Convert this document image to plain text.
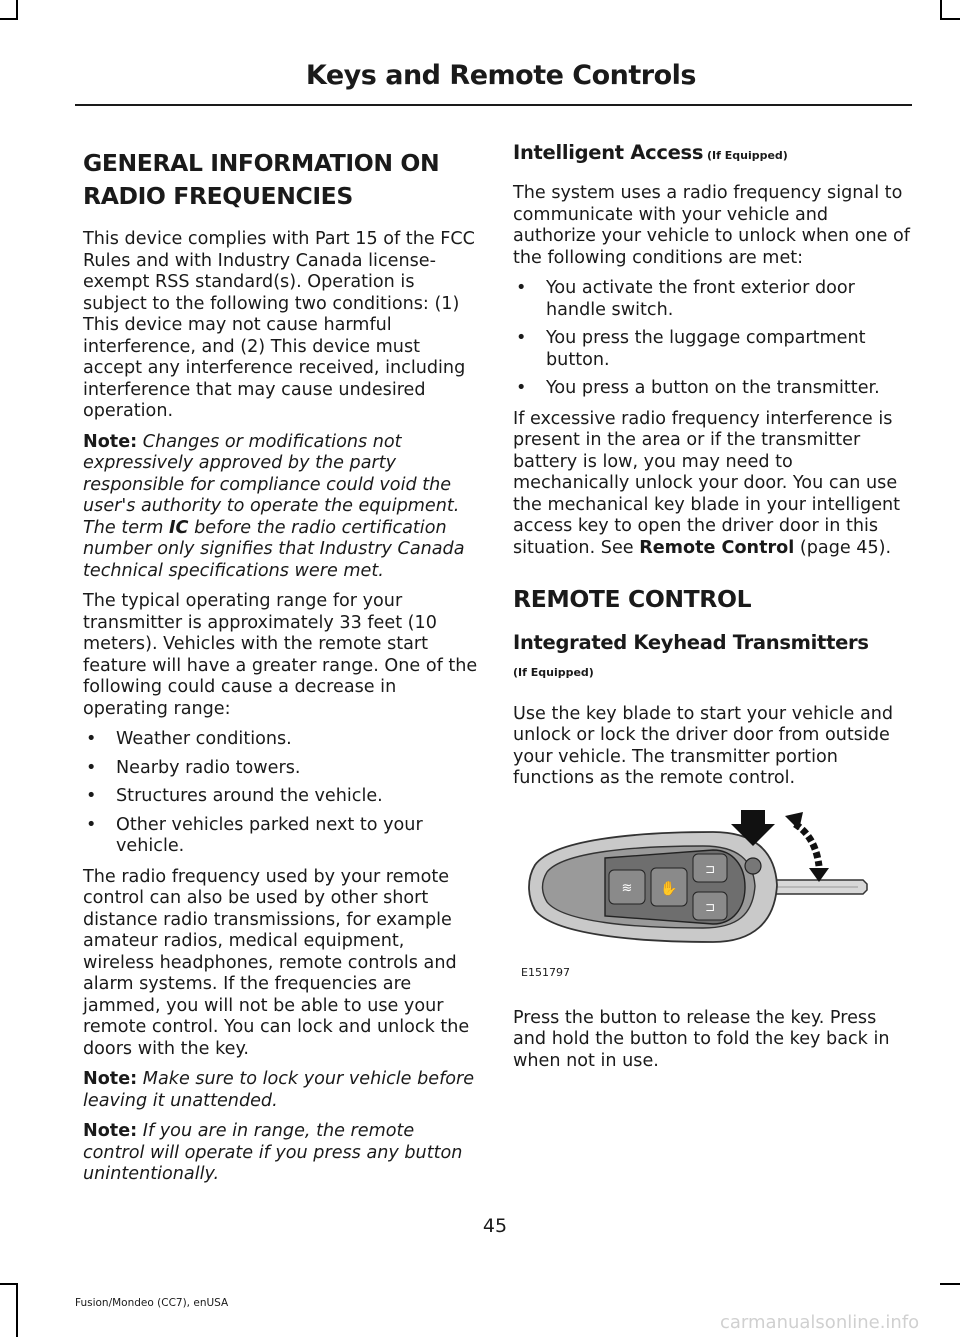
Keys and Remote Controls
GENERAL INFORMATION ON
RADIO FREQUENCIES

This device complies with Part 15 of the FCC Rules and with Industry Canada license-exempt RSS standard(s). Operation is subject to the following two conditions: (1) This device may not cause harmful interference, and (2) This device must accept any interference received, including interference that may cause undesired operation.

Note: Changes or modifications not expressively approved by the party responsible for compliance could void the user's authority to operate the equipment. The term IC before the radio certification number only signifies that Industry Canada technical specifications were met.

The typical operating range for your transmitter is approximately 33 feet (10 meters). Vehicles with the remote start feature will have a greater range. One of the following could cause a decrease in operating range:

• Weather conditions.
• Nearby radio towers.
• Structures around the vehicle.
• Other vehicles parked next to your vehicle.

The radio frequency used by your remote control can also be used by other short distance radio transmissions, for example amateur radios, medical equipment, wireless headphones, remote controls and alarm systems. If the frequencies are jammed, you will not be able to use your remote control. You can lock and unlock the doors with the key.

Note: Make sure to lock your vehicle before leaving it unattended.

Note: If you are in range, the remote control will operate if you press any button unintentionally.

Intelligent Access (If Equipped)

The system uses a radio frequency signal to communicate with your vehicle and authorize your vehicle to unlock when one of the following conditions are met:

• You activate the front exterior door handle switch.
• You press the luggage compartment button.
• You press a button on the transmitter.

If excessive radio frequency interference is present in the area or if the transmitter battery is low, you may need to mechanically unlock your door. You can use the mechanical key blade in your intelligent access key to open the driver door in this situation. See Remote Control (page 45).

REMOTE CONTROL
Integrated Keyhead Transmitters
(If Equipped)

Use the key blade to start your vehicle and unlock or lock the driver door from outside your vehicle. The transmitter portion functions as the remote control.

≋ ✋
⊐
⊐
E151797

Press the button to release the key. Press and hold the button to fold the key back in when not in use.

45
Fusion/Mondeo (CC7), enUSA
carmanualsonline.info
